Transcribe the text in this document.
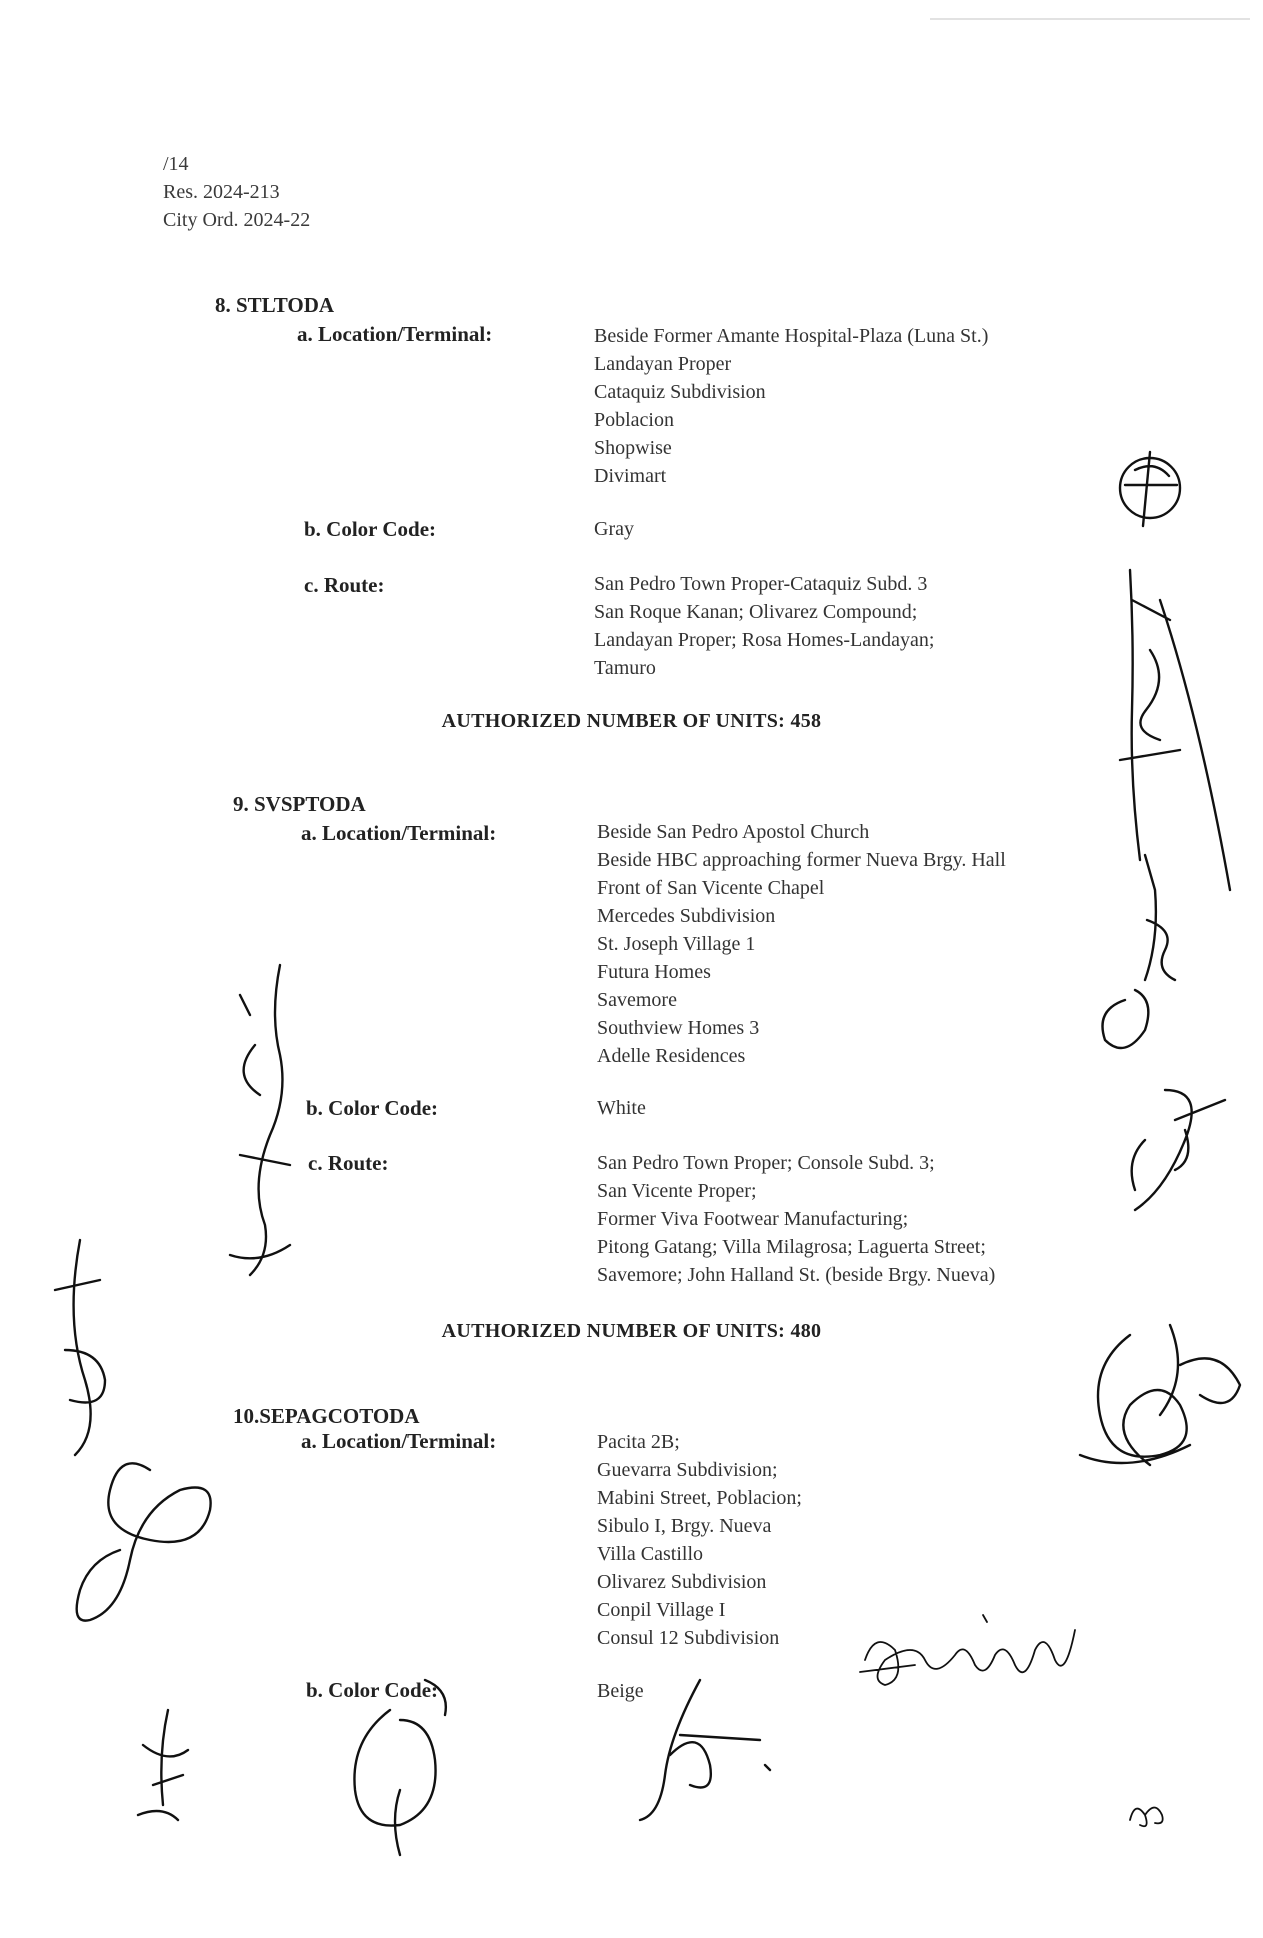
/14
Res. 2024-213
City Ord. 2024-22
8. STLTODA
a. Location/Terminal:	Beside Former Amante Hospital-Plaza (Luna St.)
Landayan Proper
Cataquiz Subdivision
Poblacion
Shopwise
Divimart
b. Color Code:	Gray
c. Route:	San Pedro Town Proper-Cataquiz Subd. 3
San Roque Kanan; Olivarez Compound;
Landayan Proper; Rosa Homes-Landayan;
Tamuro
AUTHORIZED NUMBER OF UNITS: 458
9. SVSPTODA
a. Location/Terminal:	Beside San Pedro Apostol Church
Beside HBC approaching former Nueva Brgy. Hall
Front of San Vicente Chapel
Mercedes Subdivision
St. Joseph Village 1
Futura Homes
Savemore
Southview Homes 3
Adelle Residences
b. Color Code:	White
c. Route:	San Pedro Town Proper; Console Subd. 3;
San Vicente Proper;
Former Viva Footwear Manufacturing;
Pitong Gatang; Villa Milagrosa; Laguerta Street;
Savemore; John Halland St. (beside Brgy. Nueva)
AUTHORIZED NUMBER OF UNITS: 480
10.SEPAGCOTODA
a. Location/Terminal:	Pacita 2B;
Guevarra Subdivision;
Mabini Street, Poblacion;
Sibulo I, Brgy. Nueva
Villa Castillo
Olivarez Subdivision
Conpil Village I
Consul 12 Subdivision
b. Color Code:	Beige
